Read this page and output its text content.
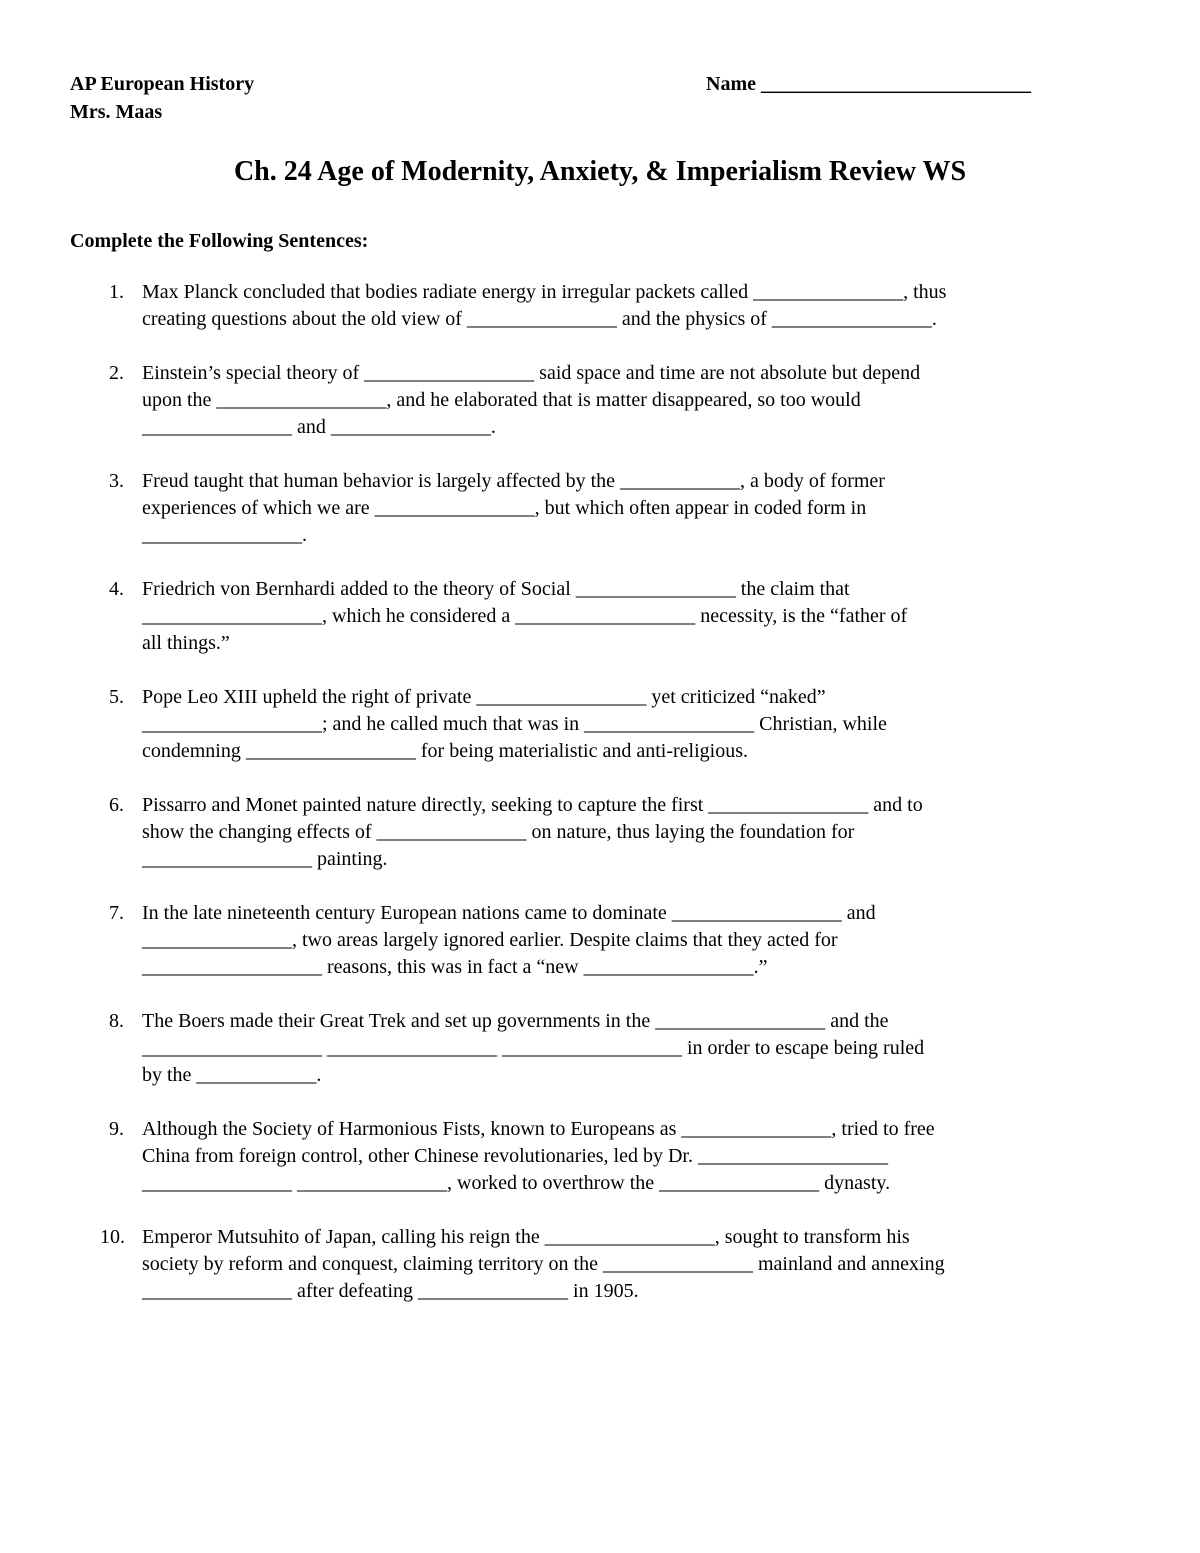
AP European History
Mrs. Maas
Name ___________________________
Ch. 24 Age of Modernity, Anxiety, & Imperialism Review WS
Complete the Following Sentences:
1. Max Planck concluded that bodies radiate energy in irregular packets called _______________, thus
creating questions about the old view of _______________ and the physics of ________________.
2. Einstein’s special theory of _________________ said space and time are not absolute but depend
upon the _________________, and he elaborated that is matter disappeared, so too would
_______________ and ________________.
3. Freud taught that human behavior is largely affected by the ____________, a body of former
experiences of which we are ________________, but which often appear in coded form in
________________.
4. Friedrich von Bernhardi added to the theory of Social ________________ the claim that
__________________, which he considered a __________________ necessity, is the “father of
all things.”
5. Pope Leo XIII upheld the right of private _________________ yet criticized “naked”
__________________; and he called much that was in _________________ Christian, while
condemning _________________ for being materialistic and anti-religious.
6. Pissarro and Monet painted nature directly, seeking to capture the first ________________ and to
show the changing effects of _______________ on nature, thus laying the foundation for
_________________ painting.
7. In the late nineteenth century European nations came to dominate _________________ and
_______________, two areas largely ignored earlier. Despite claims that they acted for
__________________ reasons, this was in fact a “new _________________.”
8. The Boers made their Great Trek and set up governments in the _________________ and the
__________________ _________________ __________________ in order to escape being ruled
by the ____________.
9. Although the Society of Harmonious Fists, known to Europeans as _______________, tried to free
China from foreign control, other Chinese revolutionaries, led by Dr. ___________________
_______________ _______________, worked to overthrow the ________________ dynasty.
10. Emperor Mutsuhito of Japan, calling his reign the _________________, sought to transform his
society by reform and conquest, claiming territory on the _______________ mainland and annexing
_______________ after defeating _______________ in 1905.
